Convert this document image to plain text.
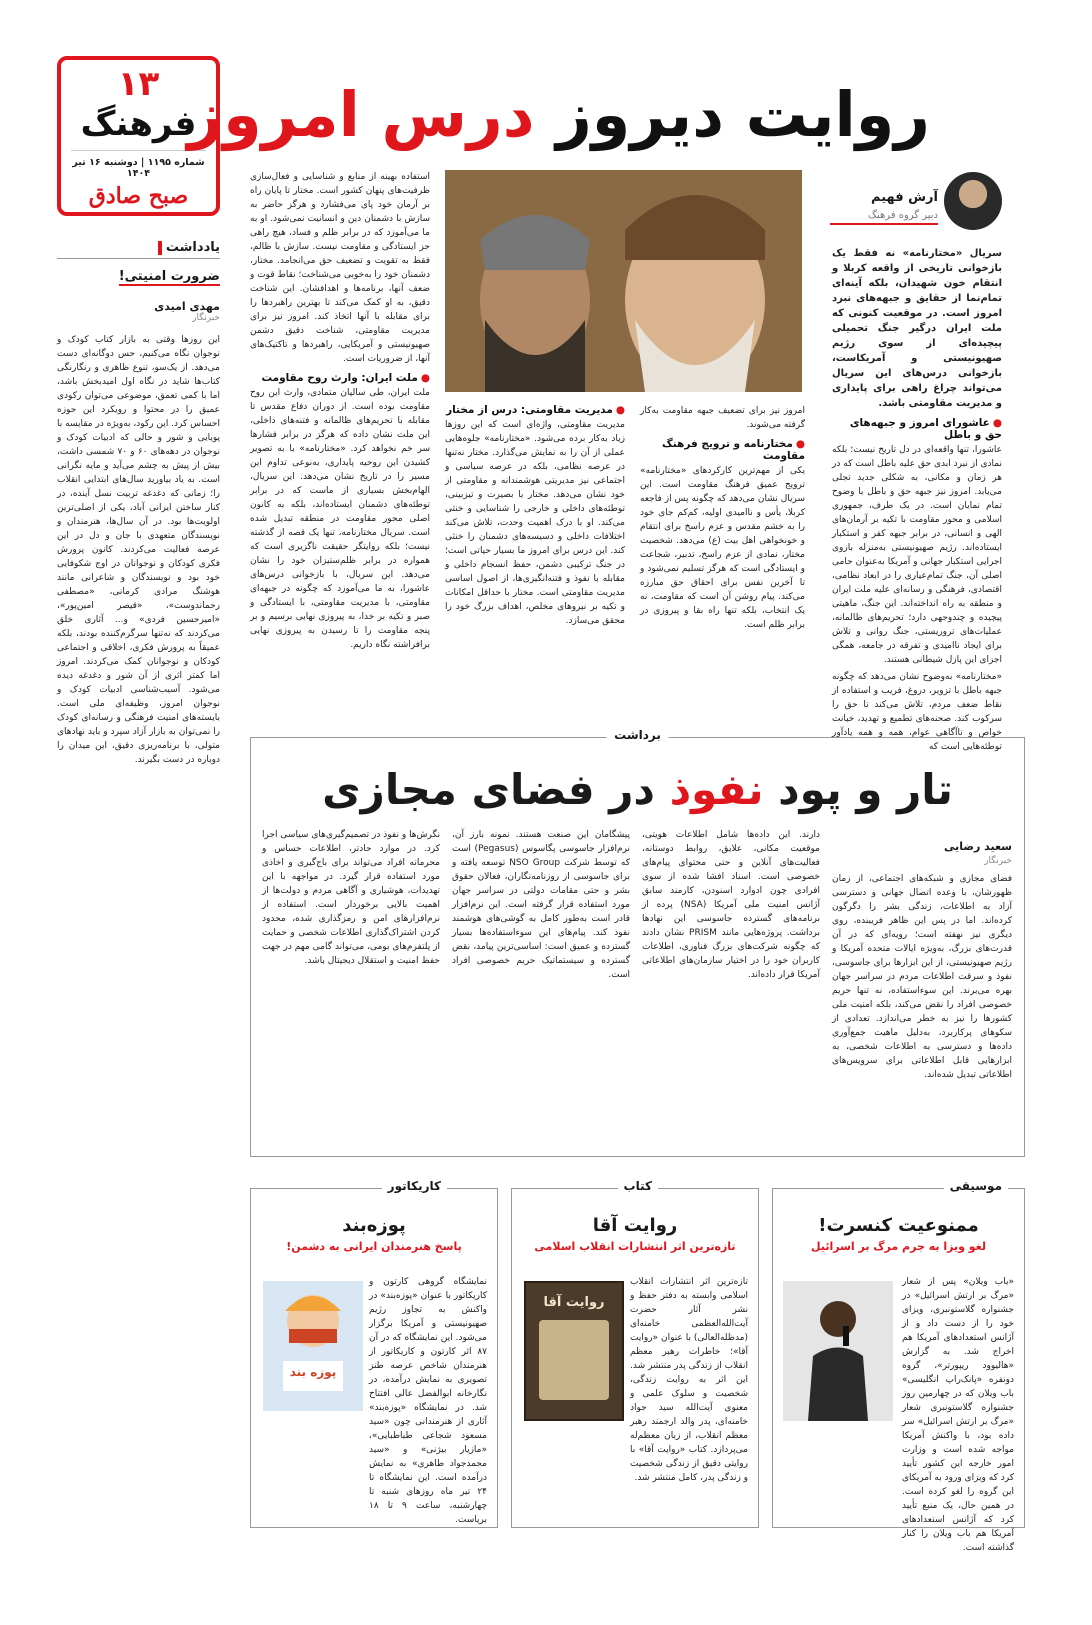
۱۳
فرهنگ
شماره ۱۱۹۵ | دوشنبه ۱۶ تیر ۱۴۰۴
صبح صادق
روایت دیروز درس امروز
آرش فهیم
دبیر گروه فرهنگ

سریال «مختارنامه» نه فقط یک بازخوانی تاریخی از واقعه کربلا و انتقام خون شهیدان، بلکه آینه‌ای تمام‌نما از حقایق و جبهه‌های نبرد امروز است. در موقعیت کنونی که ملت ایران درگیر جنگ تحمیلی پیچیده‌ای از سوی رژیم صهیونیستی و آمریکاست، بازخوانی درس‌های این سریال می‌تواند چراغ راهی برای پایداری و مدیریت مقاومتی باشد.

●عاشورای امروز و جبهه‌های حق و باطل

عاشورا، تنها واقعه‌ای در دل تاریخ نیست؛ بلکه نمادی از نبرد ابدی حق علیه باطل است که در هر زمان و مکانی، به شکلی جدید تجلی می‌یابد. امروز نیز جبهه حق و باطل با وضوح تمام نمایان است. در یک طرف، جمهوری اسلامی و محور مقاومت با تکیه بر آرمان‌های الهی و انسانی، در برابر جبهه کفر و استکبار ایستاده‌اند. رژیم صهیونیستی به‌منزله بازوی اجرایی استکبار جهانی و آمریکا به‌عنوان حامی اصلی آن، جنگ تمام‌عیاری را در ابعاد نظامی، اقتصادی، فرهنگی و رسانه‌ای علیه ملت ایران و منطقه به راه انداخته‌اند. این جنگ، ماهیتی پیچیده و چندوجهی دارد؛ تحریم‌های ظالمانه، عملیات‌های تروریستی، جنگ روانی و تلاش برای ایجاد ناامیدی و تفرقه در جامعه، همگی اجزای این پازل شیطانی هستند.

«مختارنامه» به‌وضوح نشان می‌دهد که چگونه جبهه باطل با تزویر، دروغ، فریب و استفاده از نقاط ضعف مردم، تلاش می‌کند تا حق را سرکوب کند. صحنه‌های تطمیع و تهدید، خیانت خواص و ناآگاهی عوام، همه و همه یادآور توطئه‌هایی است که

امروز نیز برای تضعیف جبهه مقاومت به‌کار گرفته می‌شوند.

●مختارنامه و ترویج فرهنگ مقاومت

یکی از مهم‌ترین کارکردهای «مختارنامه» ترویج عمیق فرهنگ مقاومت است. این سریال نشان می‌دهد که چگونه پس از فاجعه کربلا، یأس و ناامیدی اولیه، کم‌کم جای خود را به خشم مقدس و عزم راسخ برای انتقام و خونخواهی اهل بیت (ع) می‌دهد. شخصیت مختار، نمادی از عزم راسخ، تدبیر، شجاعت و ایستادگی است که هرگز تسلیم نمی‌شود و تا آخرین نفس برای احقاق حق مبارزه می‌کند. پیام روشن آن است که مقاومت، نه یک انتخاب، بلکه تنها راه بقا و پیروزی در برابر ظلم است.

●مدیریت مقاومتی: درس از مختار

مدیریت مقاومتی، واژه‌ای است که این روزها زیاد به‌کار برده می‌شود. «مختارنامه» جلوه‌هایی عملی از آن را به نمایش می‌گذارد. مختار نه‌تنها در عرصه نظامی، بلکه در عرصه سیاسی و اجتماعی نیز مدیریتی هوشمندانه و مقاومتی از خود نشان می‌دهد. مختار با بصیرت و تیزبینی، توطئه‌های داخلی و خارجی را شناسایی و خنثی می‌کند. او با درک اهمیت وحدت، تلاش می‌کند اختلافات داخلی و دسیسه‌های دشمنان را خنثی کند. این درس برای امروز ما بسیار حیاتی است؛ در جنگ ترکیبی دشمن، حفظ انسجام داخلی و مقابله با نفوذ و فتنه‌انگیزی‌ها، از اصول اساسی مدیریت مقاومتی است. مختار با حداقل امکانات و تکیه بر نیروهای مخلص، اهداف بزرگ خود را محقق می‌سازد.

استفاده بهینه از منابع و شناسایی و فعال‌سازی ظرفیت‌های پنهان کشور است. مختار تا پایان راه بر آرمان خود پای می‌فشارد و هرگز حاضر به سازش با دشمنان دین و انسانیت نمی‌شود. او به ما می‌آموزد که در برابر ظلم و فساد، هیچ راهی جز ایستادگی و مقاومت نیست. سازش با ظالم، فقط به تقویت و تضعیف حق می‌انجامد. مختار، دشمنان خود را به‌خوبی می‌شناخت؛ نقاط قوت و ضعف آنها، برنامه‌ها و اهدافشان. این شناخت دقیق، به او کمک می‌کند تا بهترین راهبردها را برای مقابله با آنها اتخاذ کند. امروز نیز برای مدیریت مقاومتی، شناخت دقیق دشمن صهیونیستی و آمریکایی، راهبردها و تاکتیک‌های آنها، از ضروریات است.

●ملت ایران: وارث روح مقاومت

ملت ایران، طی سالیان متمادی، وارث این روح مقاومت بوده است. از دوران دفاع مقدس تا مقابله با تحریم‌های ظالمانه و فتنه‌های داخلی، این ملت نشان داده که هرگز در برابر فشارها سر خم نخواهد کرد. «مختارنامه» با به تصویر کشیدن این روحیه پایداری، به‌نوعی تداوم این مسیر را در تاریخ نشان می‌دهد. این سریال، الهام‌بخش بسیاری از ماست که در برابر توطئه‌های دشمنان ایستاده‌اند، بلکه به کانون اصلی محور مقاومت در منطقه تبدیل شده است. سریال مختارنامه، تنها یک قصه از گذشته نیست؛ بلکه روایتگر حقیقت ناگزیری است که همواره در برابر ظلم‌ستیزان خود را نشان می‌دهد. این سریال، با بازخوانی درس‌های عاشورا، به ما می‌آموزد که چگونه در جبهه‌ای مقاومتی، با مدیریت مقاومتی، با ایستادگی و صبر و تکیه بر خدا، به پیروزی نهایی برسیم و بر پنجه مقاومت را تا رسیدن به پیروزی نهایی برافراشته نگاه داریم.

یادداشت
ضرورت امنیتی!
مهدی امیدی
خبرنگار

این روزها وقتی به بازار کتاب کودک و نوجوان نگاه می‌کنیم، حس دوگانه‌ای دست می‌دهد. از یک‌سو، تنوع ظاهری و رنگارنگی کتاب‌ها شاید در نگاه اول امیدبخش باشد، اما با کمی تعمق، موضوعی می‌توان رکودی عمیق را در محتوا و رویکرد این حوزه احساس کرد. این رکود، به‌ویژه در مقایسه با پویایی و شور و حالی که ادبیات کودک و نوجوان در دهه‌های ۶۰ و ۷۰ شمسی داشت، بیش از پیش به چشم می‌آید و مایه نگرانی است. به یاد بیاورید سال‌های ابتدایی انقلاب را؛ زمانی که دغدغه تربیت نسل آینده، در کنار ساختن ایرانی آباد، یکی از اصلی‌ترین اولویت‌ها بود. در آن سال‌ها، هنرمندان و نویسندگان متعهدی با جان و دل در این عرصه فعالیت می‌کردند. کانون پرورش فکری کودکان و نوجوانان در اوج شکوفایی خود بود و نویسندگان و شاعرانی مانند هوشنگ مرادی کرمانی، «مصطفی رحماندوست»، «قیصر امین‌پور»، «امیرحسین فردی» و... آثاری خلق می‌کردند که نه‌تنها سرگرم‌کننده بودند، بلکه عمیقاً به پرورش فکری، اخلاقی و اجتماعی کودکان و نوجوانان کمک می‌کردند. امروز اما کمتر اثری از آن شور و دغدغه دیده می‌شود. آسیب‌شناسی ادبیات کودک و نوجوان امروز، وظیفه‌ای ملی است. بایسته‌های امنیت فرهنگی و رسانه‌ای کودک را نمی‌توان به بازار آزاد سپرد و باید نهادهای متولی، با برنامه‌ریزی دقیق، این میدان را دوباره در دست بگیرند.

برداشت
تار و پود نفوذ در فضای مجازی
سعید رضایی
خبرنگار

فضای مجازی و شبکه‌های اجتماعی، از زمان ظهورشان، با وعده اتصال جهانی و دسترسی آزاد به اطلاعات، زندگی بشر را دگرگون کرده‌اند. اما در پس این ظاهر فریبنده، روی دیگری نیز نهفته است؛ رویه‌ای که در آن قدرت‌های بزرگ، به‌ویژه ایالات متحده آمریکا و رژیم صهیونیستی، از این ابزارها برای جاسوسی، نفوذ و سرقت اطلاعات مردم در سراسر جهان بهره می‌برند. این سوءاستفاده، نه تنها حریم خصوصی افراد را نقض می‌کند، بلکه امنیت ملی کشورها را نیز به خطر می‌اندازد. تعدادی از سکوهای پرکاربرد، به‌دلیل ماهیت جمع‌آوری داده‌ها و دسترسی به اطلاعات شخصی، به ابزارهایی قابل اطلاعاتی برای سرویس‌های اطلاعاتی تبدیل شده‌اند.

دارند. این داده‌ها شامل اطلاعات هویتی، موقعیت مکانی، علایق، روابط دوستانه، فعالیت‌های آنلاین و حتی محتوای پیام‌های خصوصی است. اسناد افشا شده از سوی افرادی چون ادوارد اسنودن، کارمند سابق آژانس امنیت ملی آمریکا (NSA) پرده از برنامه‌های گسترده جاسوسی این نهادها برداشت. پروژه‌هایی مانند PRISM نشان دادند که چگونه شرکت‌های بزرگ فناوری، اطلاعات کاربران خود را در اختیار سازمان‌های اطلاعاتی آمریکا قرار داده‌اند.

پیشگامان این صنعت هستند. نمونه بارز آن، نرم‌افزار جاسوسی پگاسوس (Pegasus) است که توسط شرکت NSO Group توسعه یافته و برای جاسوسی از روزنامه‌نگاران، فعالان حقوق بشر و حتی مقامات دولتی در سراسر جهان مورد استفاده قرار گرفته است. این نرم‌افزار قادر است به‌طور کامل به گوشی‌های هوشمند نفوذ کند. پیام‌های این سوءاستفاده‌ها بسیار گسترده و عمیق است: اساسی‌ترین پیامد، نقض گسترده و سیستماتیک حریم خصوصی افراد است.

نگرش‌ها و نفوذ در تصمیم‌گیری‌های سیاسی اجرا کرد. در موارد حادتر، اطلاعات حساس و محرمانه افراد می‌تواند برای باج‌گیری و اخاذی مورد استفاده قرار گیرد. در مواجهه با این تهدیدات، هوشیاری و آگاهی مردم و دولت‌ها از اهمیت بالایی برخوردار است. استفاده از نرم‌افزارهای امن و رمزگذاری شده، محدود کردن اشتراک‌گذاری اطلاعات شخصی و حمایت از پلتفرم‌های بومی، می‌تواند گامی مهم در جهت حفظ امنیت و استقلال دیجیتال باشد.

موسیقی
ممنوعیت کنسرت!
لغو ویزا به جرم مرگ بر اسرائیل

«باب ویلان» پس از شعار «مرگ بر ارتش اسرائیل» در جشنواره گلاستونبری، ویزای خود را از دست داد و از آژانس استعدادهای آمریکا هم اخراج شد. به گزارش «هالیوود ریپورتر»، گروه دونفره «پانک‌راپ انگلیسی» باب ویلان که در چهارمین روز جشنواره گلاستونبری شعار «مرگ بر ارتش اسرائیل» سر داده بود، با واکنش آمریکا مواجه شده است و وزارت امور خارجه این کشور تأیید کرد که ویزای ورود به آمریکای این گروه را لغو کرده است. در همین حال، یک منبع تأیید کرد که آژانس استعدادهای آمریکا هم باب ویلان را کنار گذاشته است.

کتاب
روایت آقا
تازه‌ترین اثر انتشارات انقلاب اسلامی

تازه‌ترین اثر انتشارات انقلاب اسلامی وابسته به دفتر حفظ و نشر آثار حضرت آیت‌الله‌العظمی خامنه‌ای (مدظله‌العالی) با عنوان «روایت آقا»؛ خاطرات رهبر معظم انقلاب از زندگی پدر منتشر شد. این اثر به روایت زندگی، شخصیت و سلوک علمی و معنوی آیت‌الله سید جواد خامنه‌ای، پدر والد ارجمند رهبر معظم انقلاب، از زبان معظم‌له می‌پردازد. کتاب «روایت آقا» با روایتی دقیق از زندگی شخصیت و زندگی پدر، کامل منتشر شد.

روایت آقا
کاریکاتور
پوزه‌بند
پاسخ هنرمندان ایرانی به دشمن!

نمایشگاه گروهی کارتون و کاریکاتور با عنوان «پوزه‌بند» در واکنش به تجاوز رژیم صهیونیستی و آمریکا برگزار می‌شود. این نمایشگاه که در آن ۸۷ اثر کارتون و کاریکاتور از هنرمندان شاخص عرصه طنز تصویری به نمایش درآمده، در نگارخانه ابوالفضل عالی افتتاح شد. در نمایشگاه «پوزه‌بند» آثاری از هنرمندانی چون «سید مسعود شجاعی طباطبایی»، «مازیار بیژنی» و «سید محمدجواد طاهری» به نمایش درآمده است. این نمایشگاه تا ۲۴ تیر ماه روزهای شنبه تا چهارشنبه، ساعت ۹ تا ۱۸ برپاست.

پوزه بند
